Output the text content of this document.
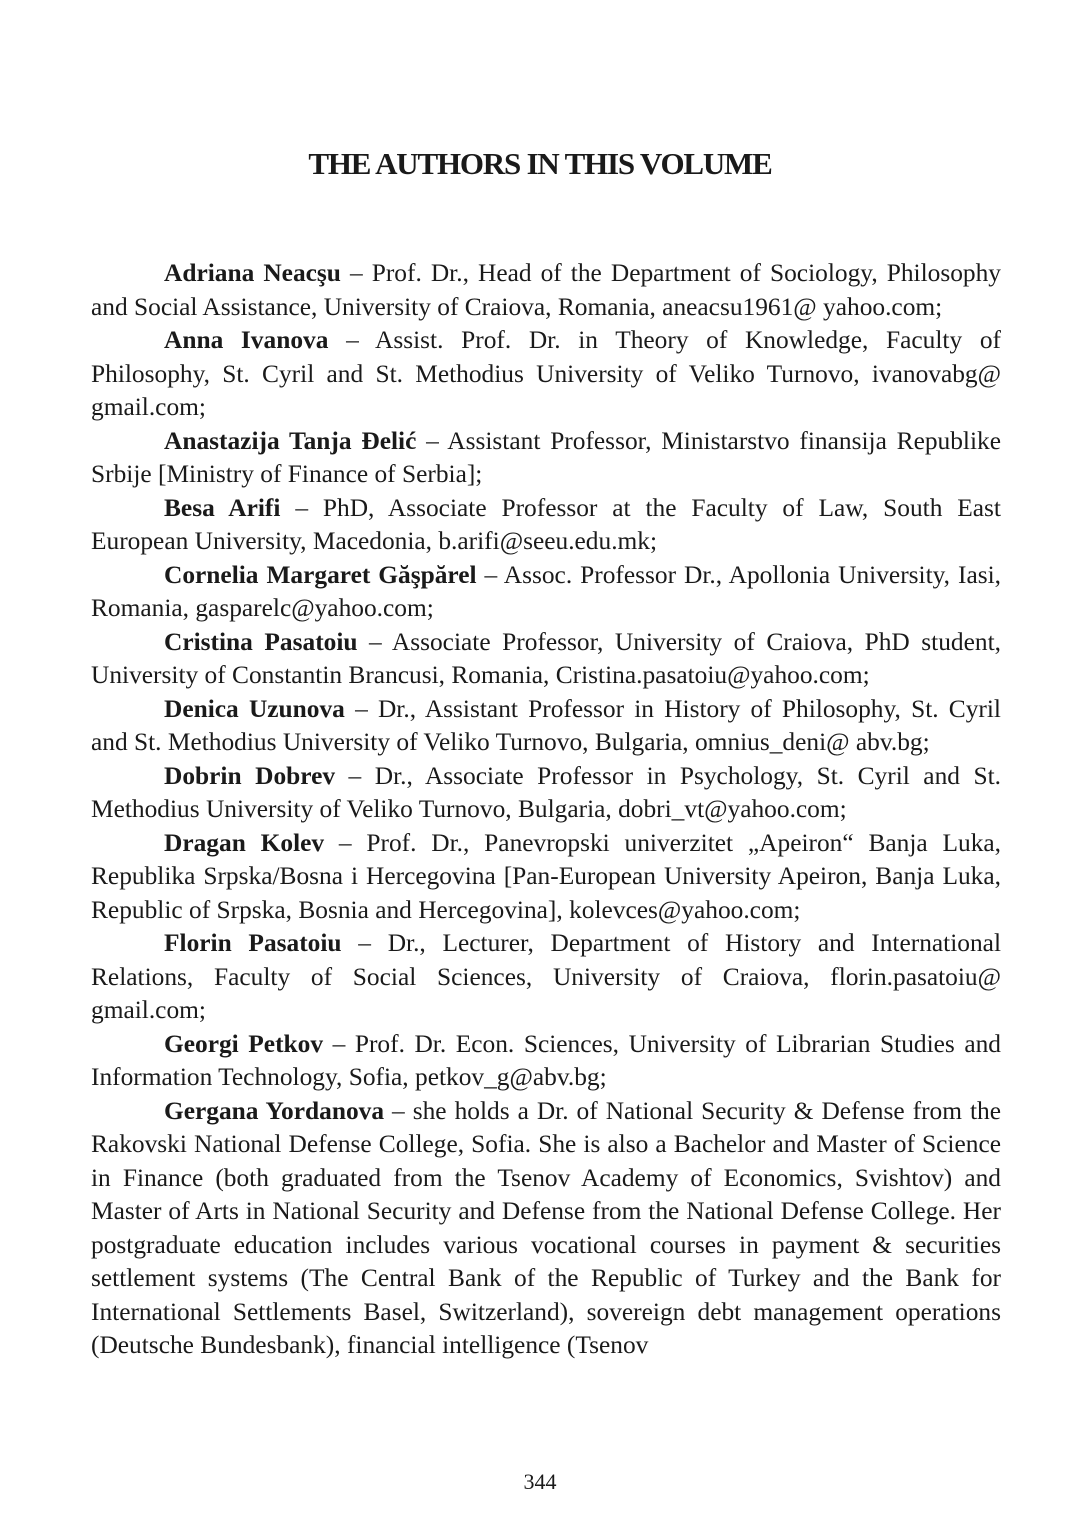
THE AUTHORS IN THIS VOLUME

Adriana Neacşu – Prof. Dr., Head of the Department of Sociology, Philosophy and Social Assistance, University of Craiova, Romania, aneacsu1961@ yahoo.com;

Anna Ivanova – Assist. Prof. Dr. in Theory of Knowledge, Faculty of Philosophy, St. Cyril and St. Methodius University of Veliko Turnovo, ivanovabg@ gmail.com;

Anastazija Tanja Đelić – Assistant Professor, Ministarstvo finansija Republike Srbije [Ministry of Finance of Serbia];

Besa Arifi – PhD, Associate Professor at the Faculty of Law, South East European University, Macedonia, b.arifi@seeu.edu.mk;

Cornelia Margaret Găşpărel – Assoc. Professor Dr., Apollonia University, Iasi, Romania, gasparelc@yahoo.com;

Cristina Pasatoiu – Associate Professor, University of Craiova, PhD student, University of Constantin Brancusi, Romania, Cristina.pasatoiu@yahoo.com;

Denica Uzunova – Dr., Assistant Professor in History of Philosophy, St. Cyril and St. Methodius University of Veliko Turnovo, Bulgaria, omnius_deni@ abv.bg;

Dobrin Dobrev – Dr., Associate Professor in Psychology, St. Cyril and St. Methodius University of Veliko Turnovo, Bulgaria, dobri_vt@yahoo.com;

Dragan Kolev – Prof. Dr., Panevropski univerzitet „Apeiron“ Banja Luka, Republika Srpska/Bosna i Hercegovina [Pan-European University Apeiron, Banja Luka, Republic of Srpska, Bosnia and Hercegovina], kolevces@yahoo.com;

Florin Pasatoiu – Dr., Lecturer, Department of History and International Relations, Faculty of Social Sciences, University of Craiova, florin.pasatoiu@ gmail.com;

Georgi Petkov – Prof. Dr. Econ. Sciences, University of Librarian Studies and Information Technology, Sofia, petkov_g@abv.bg;

Gergana Yordanova – she holds a Dr. of National Security & Defense from the Rakovski National Defense College, Sofia. She is also a Bachelor and Master of Science in Finance (both graduated from the Tsenov Academy of Economics, Svishtov) and Master of Arts in National Security and Defense from the National Defense College. Her postgraduate education includes various vocational courses in payment & securities settlement systems (The Central Bank of the Republic of Turkey and the Bank for International Settlements Basel, Switzerland), sovereign debt management operations (Deutsche Bundesbank), financial intelligence (Tsenov

344
